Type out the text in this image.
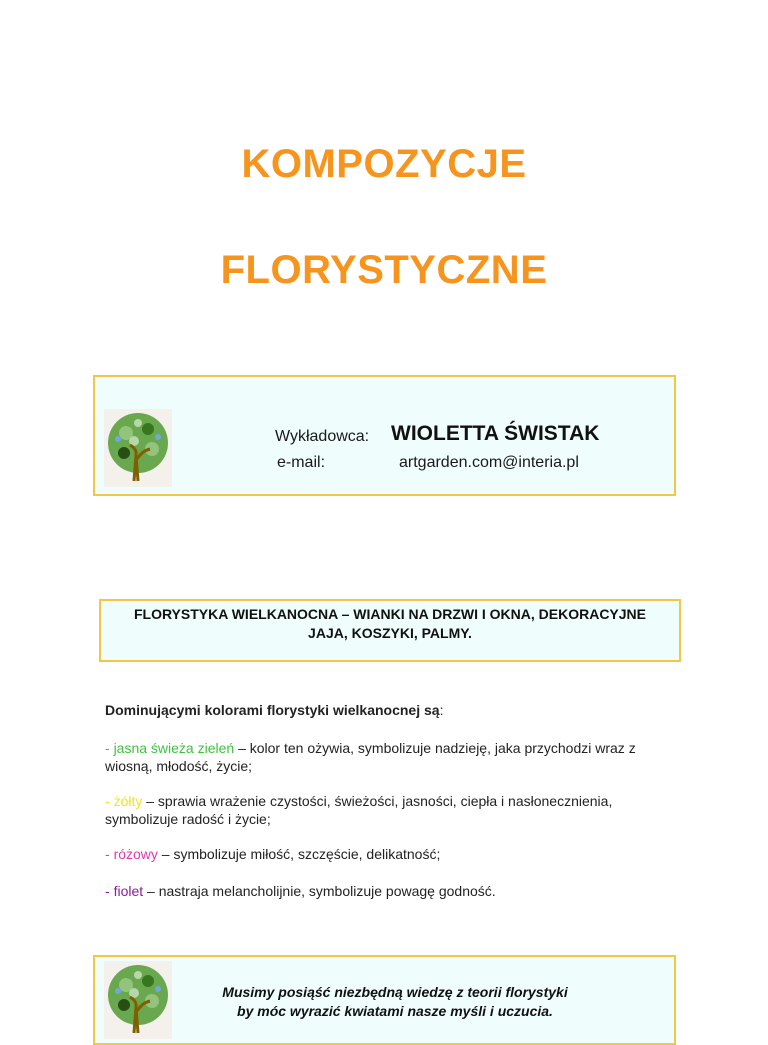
KOMPOZYCJE
FLORYSTYCZNE
Wykładowca: WIOLETTA ŚWISTAK
e-mail:	artgarden.com@interia.pl
FLORYSTYKA WIELKANOCNA – WIANKI NA DRZWI I OKNA, DEKORACYJNE
JAJA, KOSZYKI, PALMY.
Dominującymi kolorami florystyki wielkanocnej są:
- jasna świeża zieleń – kolor ten ożywia, symbolizuje nadzieję, jaka przychodzi wraz z wiosną, młodość, życie;
- żółty – sprawia wrażenie czystości, świeżości, jasności, ciepła i nasłonecznienia, symbolizuje radość i życie;
- różowy – symbolizuje miłość, szczęście, delikatność;
- fiolet – nastraja melancholijnie, symbolizuje powagę godność.
Musimy posiąść niezbędną wiedzę z teorii florystyki
by móc wyrazić kwiatami nasze myśli i uczucia.
